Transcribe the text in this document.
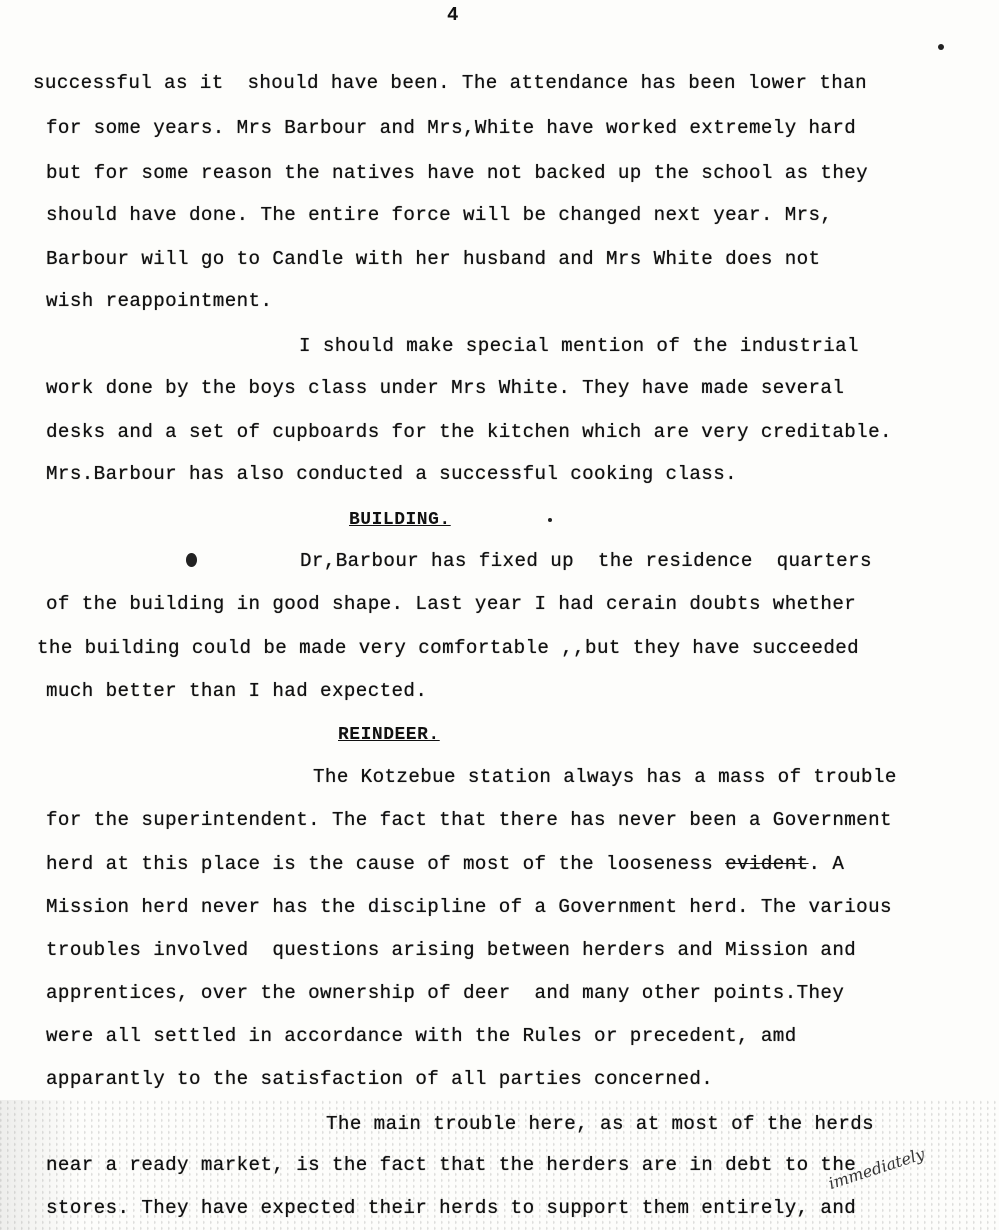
4
successful as it  should have been. The attendance has been lower than
for some years. Mrs Barbour and Mrs,White have worked extremely hard
but for some reason the natives have not backed up the school as they
should have done. The entire force will be changed next year. Mrs,
Barbour will go to Candle with her husband and Mrs White does not
wish reappointment.
I should make special mention of the industrial
work done by the boys class under Mrs White. They have made several
desks and a set of cupboards for the kitchen which are very creditable.
Mrs.Barbour has also conducted a successful cooking class.
BUILDING.
Dr,Barbour has fixed up  the residence  quarters
of the building in good shape. Last year I had cerain doubts whether
the building could be made very comfortable ,,but they have succeeded
much better than I had expected.
REINDEER.
The Kotzebue station always has a mass of trouble
for the superintendent. The fact that there has never been a Government
herd at this place is the cause of most of the looseness evident. A
Mission herd never has the discipline of a Government herd. The various
troubles involved  questions arising between herders and Mission and
apprentices, over the ownership of deer  and many other points.They
were all settled in accordance with the Rules or precedent, amd
apparantly to the satisfaction of all parties concerned.
The main trouble here, as at most of the herds
near a ready market, is the fact that the herders are in debt to the
stores. They have expected their herds to support them entirely, and
immediately
